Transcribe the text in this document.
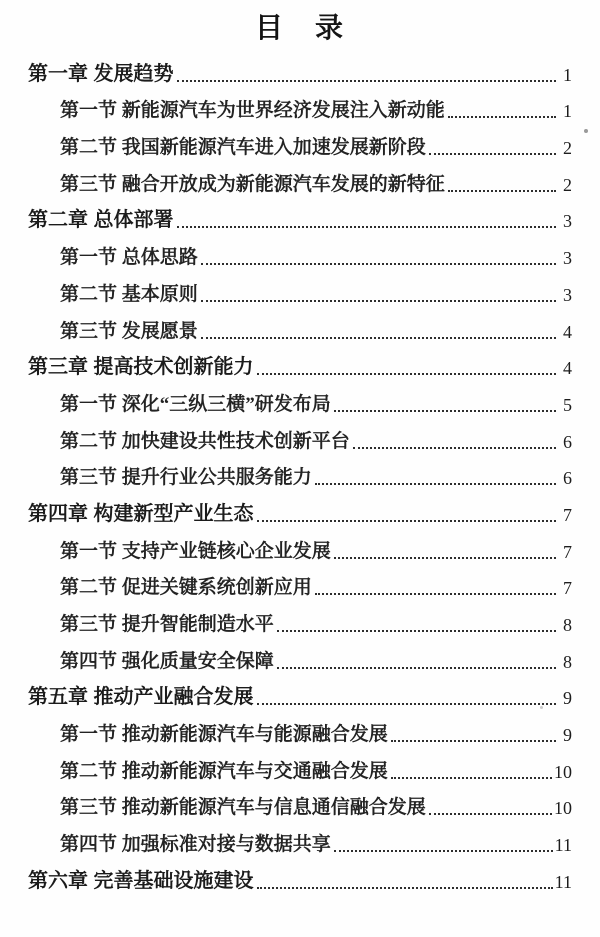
目　录
第一章 发展趋势	1
第一节 新能源汽车为世界经济发展注入新动能	1
第二节 我国新能源汽车进入加速发展新阶段	2
第三节 融合开放成为新能源汽车发展的新特征	2
第二章 总体部署	3
第一节 总体思路	3
第二节 基本原则	3
第三节 发展愿景	4
第三章 提高技术创新能力	4
第一节 深化“三纵三横”研发布局	5
第二节 加快建设共性技术创新平台	6
第三节 提升行业公共服务能力	6
第四章 构建新型产业生态	7
第一节 支持产业链核心企业发展	7
第二节 促进关键系统创新应用	7
第三节 提升智能制造水平	8
第四节 强化质量安全保障	8
第五章 推动产业融合发展	9
第一节 推动新能源汽车与能源融合发展	9
第二节 推动新能源汽车与交通融合发展	10
第三节 推动新能源汽车与信息通信融合发展	10
第四节 加强标准对接与数据共享	11
第六章 完善基础设施建设	11
